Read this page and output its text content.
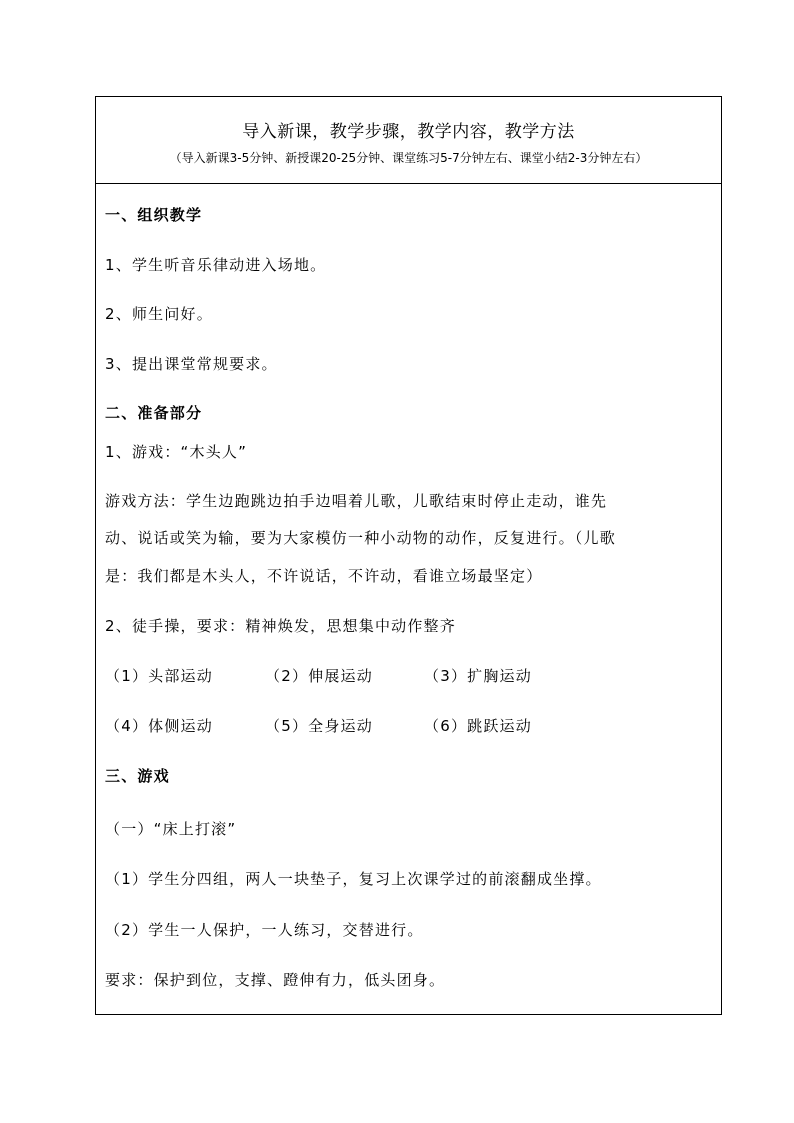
导入新课，教学步骤，教学内容，教学方法
（导入新课3-5分钟、新授课20-25分钟、课堂练习5-7分钟左右、课堂小结2-3分钟左右）
一、组织教学
1、学生听音乐律动进入场地。
2、师生问好。
3、提出课堂常规要求。
二、准备部分
1、游戏：“木头人”
游戏方法：学生边跑跳边拍手边唱着儿歌，儿歌结束时停止走动，谁先
动、说话或笑为输，要为大家模仿一种小动物的动作，反复进行。（儿歌
是：我们都是木头人，不许说话，不许动，看谁立场最坚定）
2、徒手操，要求：精神焕发，思想集中动作整齐
（1）头部运动	（2）伸展运动	（3）扩胸运动
（4）体侧运动	（5）全身运动	（6）跳跃运动
三、游戏
（一）“床上打滚”
（1）学生分四组，两人一块垫子，复习上次课学过的前滚翻成坐撑。
（2）学生一人保护，一人练习，交替进行。
要求：保护到位，支撑、蹬伸有力，低头团身。
